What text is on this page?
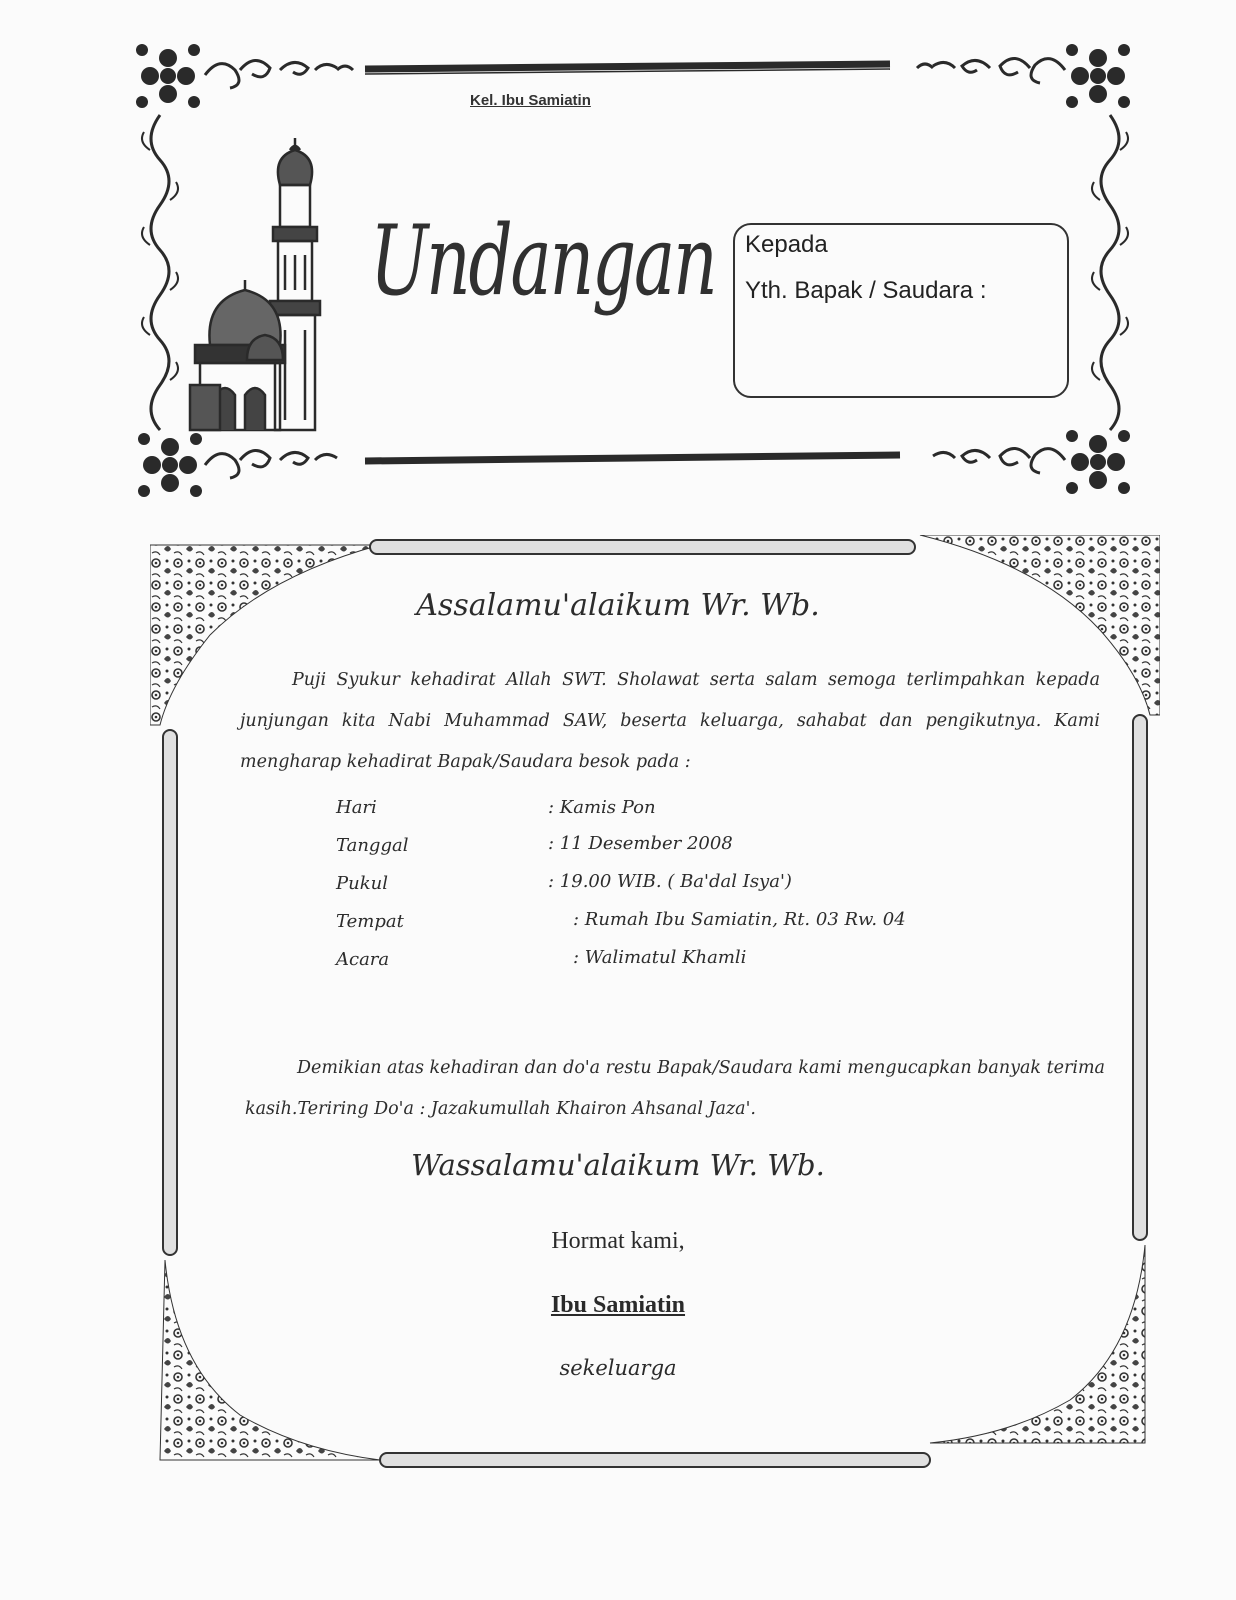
Kel. Ibu Samiatin
Undangan Kepada
Yth. Bapak / Saudara :
Assalamu'alaikum Wr. Wb.
Puji Syukur kehadirat Allah SWT. Sholawat serta salam semoga terlimpahkan kepada junjungan kita Nabi Muhammad SAW, beserta keluarga, sahabat dan pengikutnya. Kami mengharap kehadirat Bapak/Saudara besok pada :
Hari	: Kamis Pon
Tanggal	: 11 Desember 2008
Pukul	: 19.00 WIB. ( Ba'dal Isya')
Tempat	: Rumah Ibu Samiatin, Rt. 03 Rw. 04
Acara	: Walimatul Khamli
Demikian atas kehadiran dan do'a restu Bapak/Saudara kami mengucapkan banyak terima kasih.Teriring Do'a : Jazakumullah Khairon Ahsanal Jaza'.
Wassalamu'alaikum Wr. Wb.
Hormat kami,
Ibu Samiatin
sekeluarga
